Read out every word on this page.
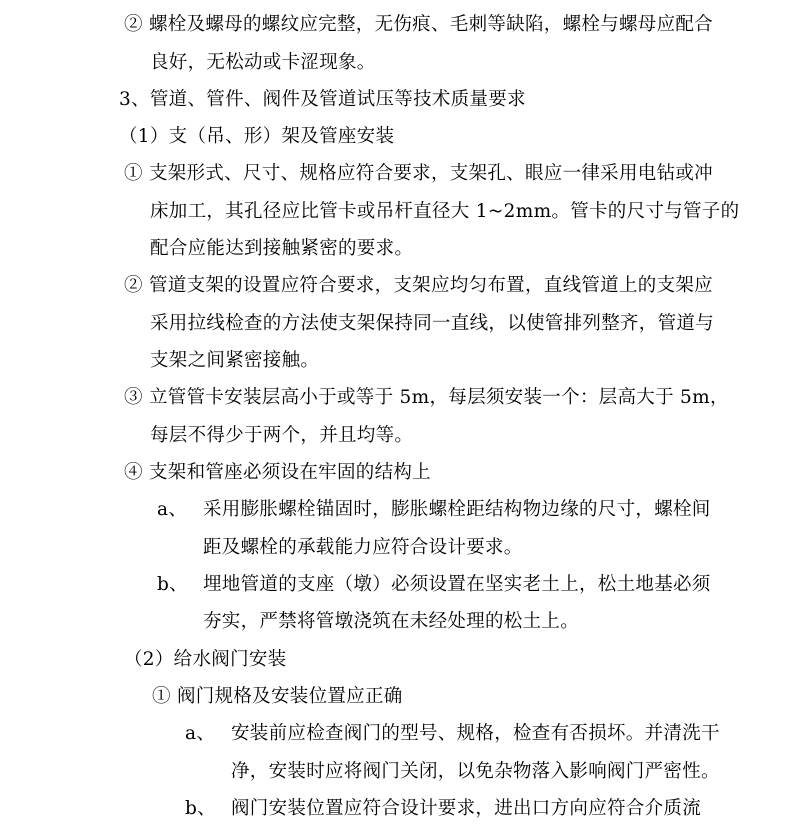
② 螺栓及螺母的螺纹应完整，无伤痕、毛刺等缺陷，螺栓与螺母应配合
良好，无松动或卡涩现象。
3、管道、管件、阀件及管道试压等技术质量要求
（1）支（吊、形）架及管座安装
① 支架形式、尺寸、规格应符合要求，支架孔、眼应一律采用电钻或冲
床加工，其孔径应比管卡或吊杆直径大 1~2mm。管卡的尺寸与管子的
配合应能达到接触紧密的要求。
② 管道支架的设置应符合要求，支架应均匀布置，直线管道上的支架应
采用拉线检查的方法使支架保持同一直线，以使管排列整齐，管道与
支架之间紧密接触。
③ 立管管卡安装层高小于或等于 5m，每层须安装一个：层高大于 5m，
每层不得少于两个，并且均等。
④ 支架和管座必须设在牢固的结构上
a、 采用膨胀螺栓锚固时，膨胀螺栓距结构物边缘的尺寸，螺栓间
距及螺栓的承载能力应符合设计要求。
b、 埋地管道的支座（墩）必须设置在坚实老土上，松土地基必须
夯实，严禁将管墩浇筑在未经处理的松土上。
（2）给水阀门安装
① 阀门规格及安装位置应正确
a、 安装前应检查阀门的型号、规格，检查有否损坏。并清洗干
净，安装时应将阀门关闭，以免杂物落入影响阀门严密性。
b、 阀门安装位置应符合设计要求，进出口方向应符合介质流
